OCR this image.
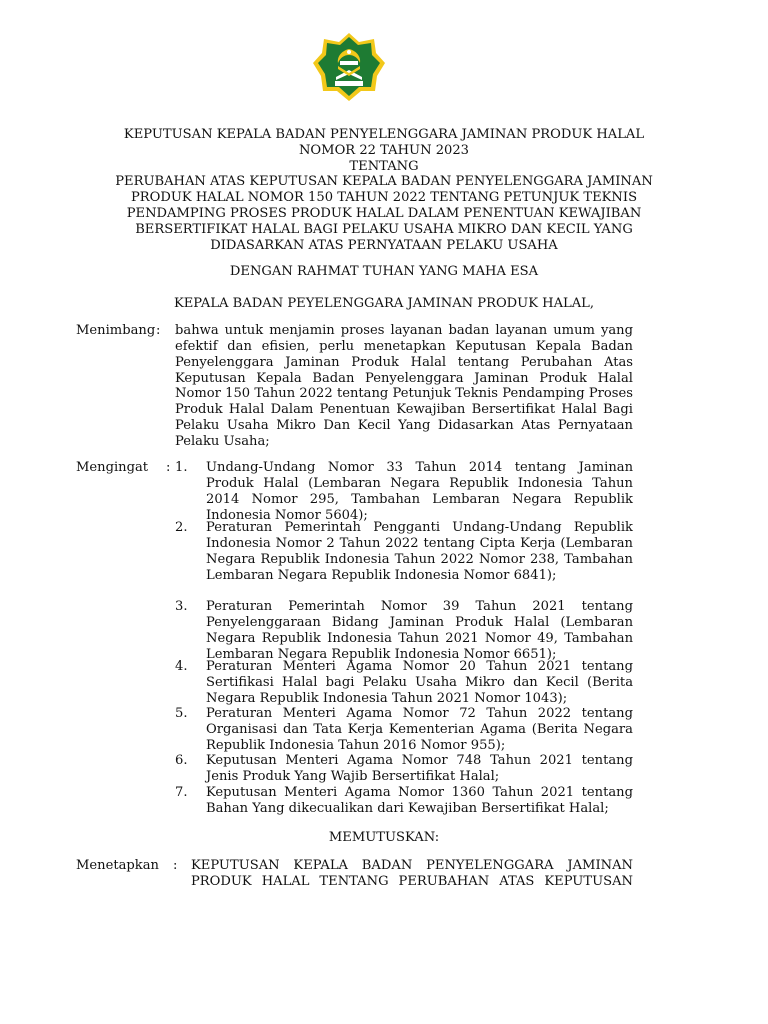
KEPUTUSAN KEPALA BADAN PENYELENGGARA JAMINAN PRODUK HALAL
NOMOR 22 TAHUN 2023
TENTANG
PERUBAHAN ATAS KEPUTUSAN KEPALA BADAN PENYELENGGARA JAMINAN
PRODUK HALAL NOMOR 150 TAHUN 2022 TENTANG PETUNJUK TEKNIS
PENDAMPING PROSES PRODUK HALAL DALAM PENENTUAN KEWAJIBAN
BERSERTIFIKAT HALAL BAGI PELAKU USAHA MIKRO DAN KECIL YANG
DIDASARKAN ATAS PERNYATAAN PELAKU USAHA
DENGAN RAHMAT TUHAN YANG MAHA ESA
KEPALA BADAN PEYELENGGARA JAMINAN PRODUK HALAL,
Menimbang : bahwa untuk menjamin proses layanan badan layanan umum yang efektif dan efisien, perlu menetapkan Keputusan Kepala Badan Penyelenggara Jaminan Produk Halal tentang Perubahan Atas Keputusan Kepala Badan Penyelenggara Jaminan Produk Halal Nomor 150 Tahun 2022 tentang Petunjuk Teknis Pendamping Proses Produk Halal Dalam Penentuan Kewajiban Bersertifikat Halal Bagi Pelaku Usaha Mikro Dan Kecil Yang Didasarkan Atas Pernyataan Pelaku Usaha;
Mengingat : 1. Undang-Undang Nomor 33 Tahun 2014 tentang Jaminan Produk Halal (Lembaran Negara Republik Indonesia Tahun 2014 Nomor 295, Tambahan Lembaran Negara Republik Indonesia Nomor 5604);
2. Peraturan Pemerintah Pengganti Undang-Undang Republik Indonesia Nomor 2 Tahun 2022 tentang Cipta Kerja (Lembaran Negara Republik Indonesia Tahun 2022 Nomor 238, Tambahan Lembaran Negara Republik Indonesia Nomor 6841);
3. Peraturan Pemerintah Nomor 39 Tahun 2021 tentang Penyelenggaraan Bidang Jaminan Produk Halal (Lembaran Negara Republik Indonesia Tahun 2021 Nomor 49, Tambahan Lembaran Negara Republik Indonesia Nomor 6651);
4. Peraturan Menteri Agama Nomor 20 Tahun 2021 tentang Sertifikasi Halal bagi Pelaku Usaha Mikro dan Kecil (Berita Negara Republik Indonesia Tahun 2021 Nomor 1043);
5. Peraturan Menteri Agama Nomor 72 Tahun 2022 tentang Organisasi dan Tata Kerja Kementerian Agama (Berita Negara Republik Indonesia Tahun 2016 Nomor 955);
6. Keputusan Menteri Agama Nomor 748 Tahun 2021 tentang Jenis Produk Yang Wajib Bersertifikat Halal;
7. Keputusan Menteri Agama Nomor 1360 Tahun 2021 tentang Bahan Yang dikecualikan dari Kewajiban Bersertifikat Halal;
MEMUTUSKAN:
Menetapkan : KEPUTUSAN KEPALA BADAN PENYELENGGARA JAMINAN PRODUK HALAL TENTANG PERUBAHAN ATAS KEPUTUSAN
